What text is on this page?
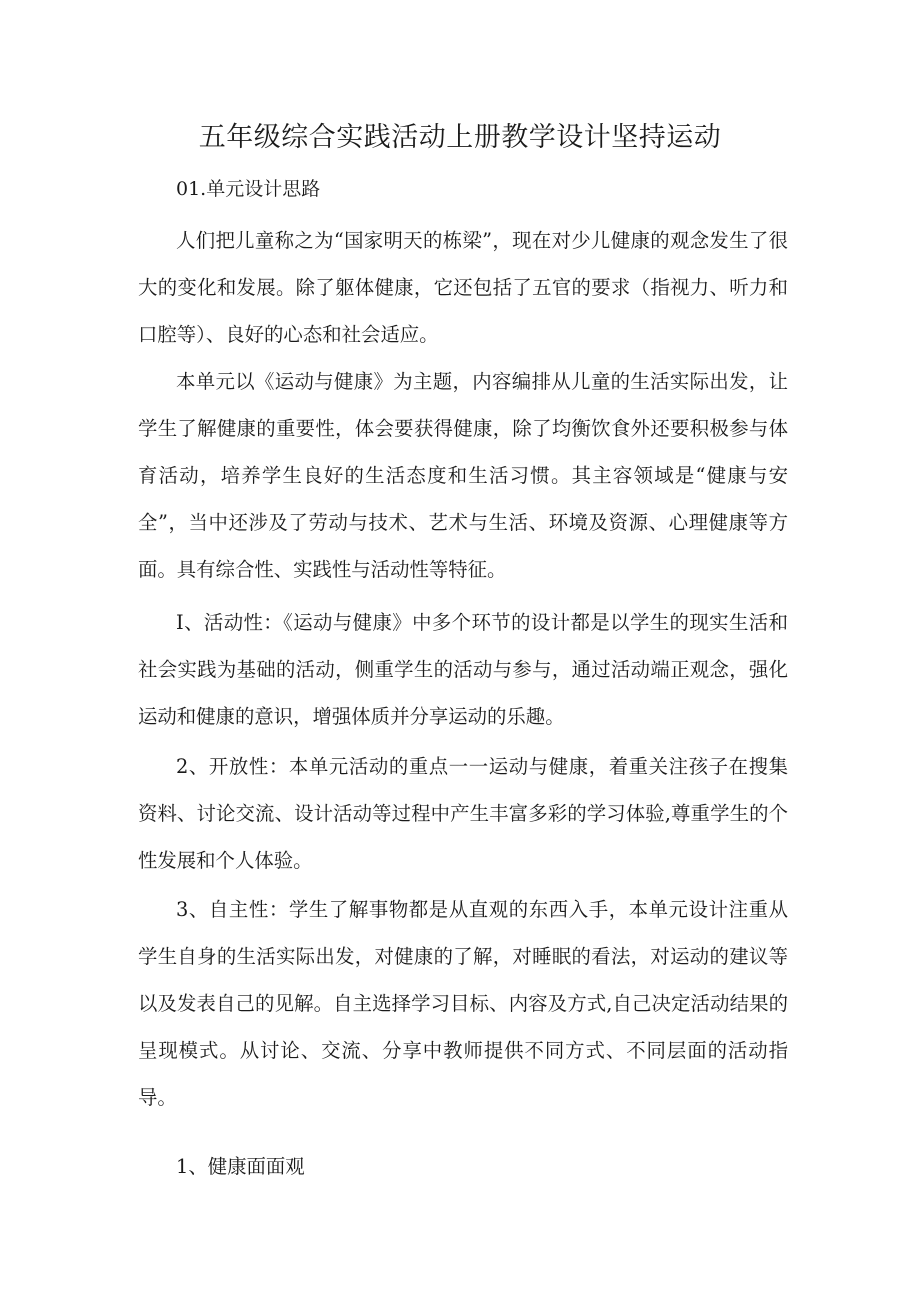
五年级综合实践活动上册教学设计坚持运动
01.单元设计思路

人们把儿童称之为“国家明天的栋梁”，现在对少儿健康的观念发生了很大的变化和发展。除了躯体健康，它还包括了五官的要求（指视力、听力和口腔等）、良好的心态和社会适应。

本单元以《运动与健康》为主题，内容编排从儿童的生活实际出发，让学生了解健康的重要性，体会要获得健康，除了均衡饮食外还要积极参与体育活动，培养学生良好的生活态度和生活习惯。其主容领域是“健康与安全”，当中还涉及了劳动与技术、艺术与生活、环境及资源、心理健康等方面。具有综合性、实践性与活动性等特征。

I、活动性：《运动与健康》中多个环节的设计都是以学生的现实生活和社会实践为基础的活动，侧重学生的活动与参与，通过活动端正观念，强化运动和健康的意识，增强体质并分享运动的乐趣。

2、开放性：本单元活动的重点一一运动与健康，着重关注孩子在搜集资料、讨论交流、设计活动等过程中产生丰富多彩的学习体验,尊重学生的个性发展和个人体验。

3、自主性：学生了解事物都是从直观的东西入手，本单元设计注重从学生自身的生活实际出发，对健康的了解，对睡眠的看法，对运动的建议等以及发表自己的见解。自主选择学习目标、内容及方式,自己决定活动结果的呈现模式。从讨论、交流、分享中教师提供不同方式、不同层面的活动指导。

1、健康面面观
